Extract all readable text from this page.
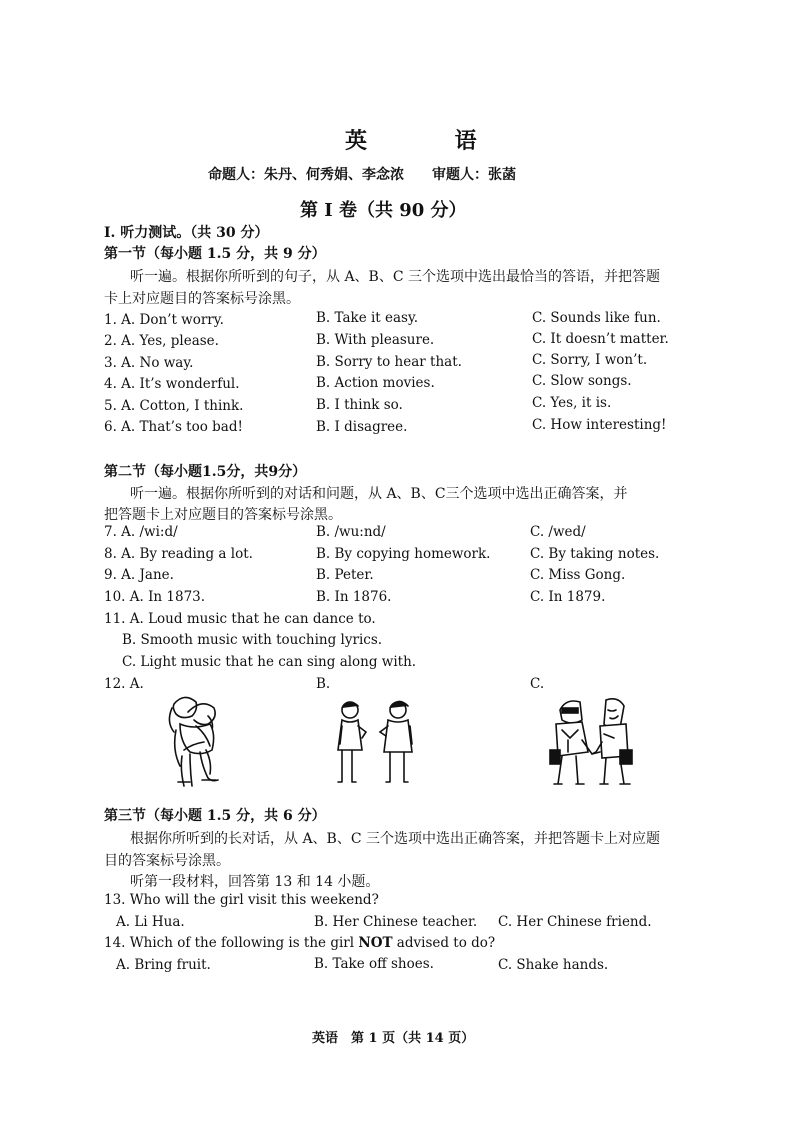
英 语
命题人：朱丹、何秀娟、李念浓　　审题人：张菡
第 I 卷（共 90 分）
I. 听力测试。（共 30 分）
第一节（每小题 1.5 分，共 9 分）
听一遍。根据你所听到的句子，从 A、B、C 三个选项中选出最恰当的答语，并把答题
卡上对应题目的答案标号涂黑。
1. A. Don’t worry.	B. Take it easy.	C. Sounds like fun.
2. A. Yes, please.	B. With pleasure.	C. It doesn’t matter.
3. A. No way.	B. Sorry to hear that.	C. Sorry, I won’t.
4. A. It’s wonderful.	B. Action movies.	C. Slow songs.
5. A. Cotton, I think.	B. I think so.	C. Yes, it is.
6. A. That’s too bad!	B. I disagree.	C. How interesting!
第二节（每小题1.5分，共9分）
听一遍。根据你所听到的对话和问题，从 A、B、C三个选项中选出正确答案，并
把答题卡上对应题目的答案标号涂黑。
7. A. /wi:d/	B. /wu:nd/	C. /wed/
8. A. By reading a lot.	B. By copying homework.	C. By taking notes.
9. A. Jane.	B. Peter.	C. Miss Gong.
10. A. In 1873.	B. In 1876.	C. In 1879.
11. A. Loud music that he can dance to.
B. Smooth music with touching lyrics.
C. Light music that he can sing along with.
12. A.	B.	C.
第三节（每小题 1.5 分，共 6 分）
根据你所听到的长对话，从 A、B、C 三个选项中选出正确答案，并把答题卡上对应题
目的答案标号涂黑。
听第一段材料，回答第 13 和 14 小题。
13. Who will the girl visit this weekend?
A. Li Hua.	B. Her Chinese teacher. C. Her Chinese friend.
14. Which of the following is the girl NOT advised to do?
A. Bring fruit.	B. Take off shoes.	C. Shake hands.
英语　第 1 页（共 14 页）
